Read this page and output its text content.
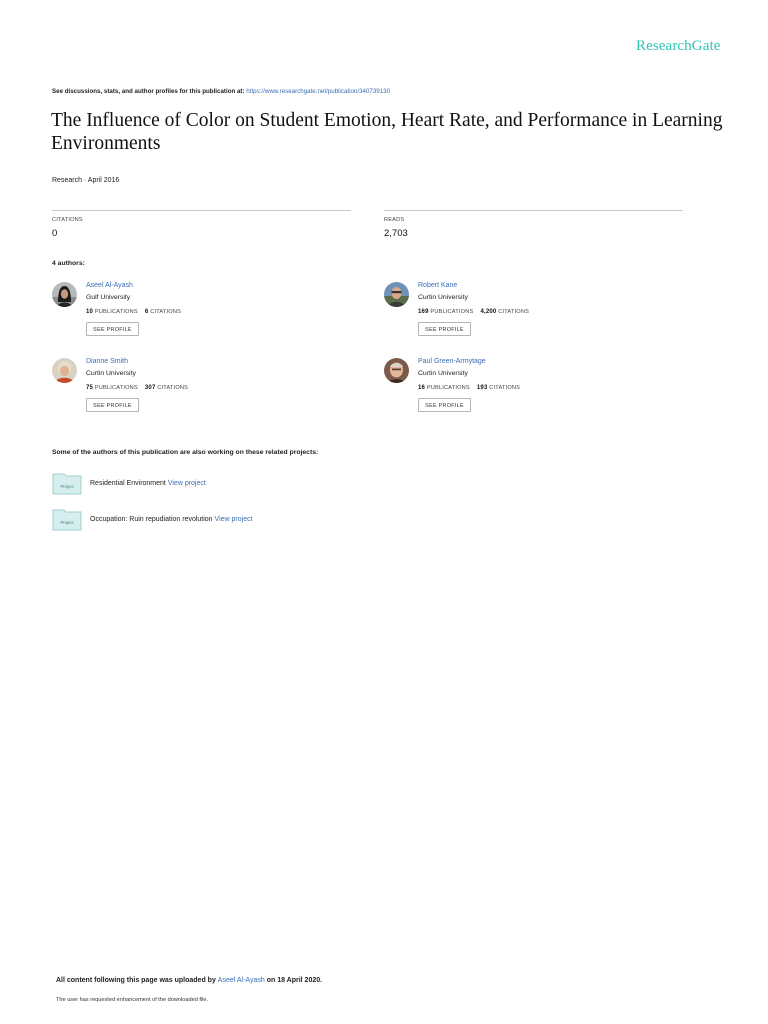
ResearchGate
See discussions, stats, and author profiles for this publication at: https://www.researchgate.net/publication/340739130
The Influence of Color on Student Emotion, Heart Rate, and Performance in Learning Environments
Research · April 2016
CITATIONS
0
READS
2,703
4 authors:
Aseel Al-Ayash
Gulf University
10 PUBLICATIONS 6 CITATIONS
SEE PROFILE
Robert Kane
Curtin University
169 PUBLICATIONS 4,200 CITATIONS
SEE PROFILE
Dianne Smith
Curtin University
75 PUBLICATIONS 307 CITATIONS
SEE PROFILE
Paul Green-Armytage
Curtin University
16 PUBLICATIONS 193 CITATIONS
SEE PROFILE
Some of the authors of this publication are also working on these related projects:
Project Residential Environment View project
Project Occupation: Ruin repudiation revolution View project
All content following this page was uploaded by Aseel Al-Ayash on 18 April 2020.
The user has requested enhancement of the downloaded file.
